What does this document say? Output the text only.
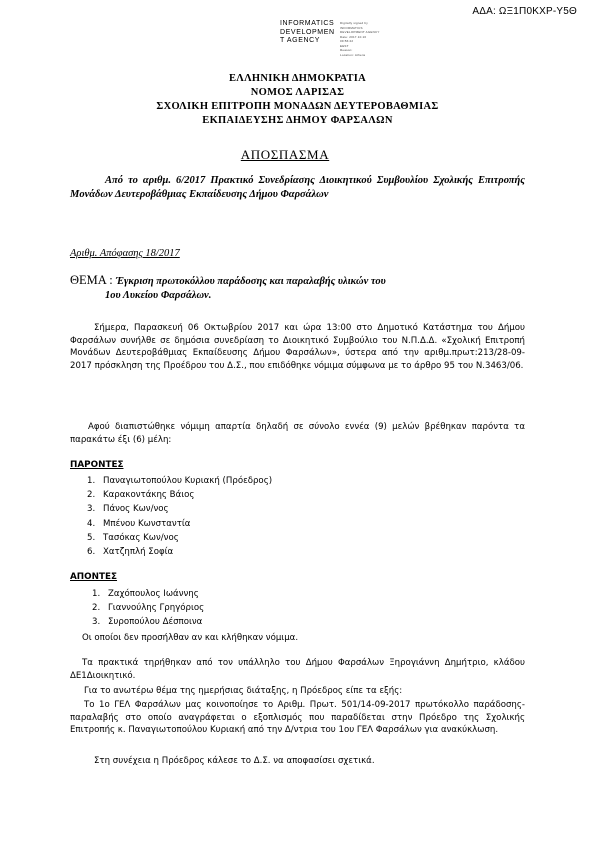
ΑΔΑ: ΩΞ1Π0ΚΧΡ-Υ5Θ
INFORMATICS
DEVELOPMEN
T AGENCY
Digitally signed by
INFORMATICS
DEVELOPMENT AGENCY
Date: 2017.10.10 09:56:22
EEST
Reason:
Location: Athens
ΕΛΛΗΝΙΚΗ ΔΗΜΟΚΡΑΤΙΑ
ΝΟΜΟΣ ΛΑΡΙΣΑΣ
ΣΧΟΛΙΚΗ ΕΠΙΤΡΟΠΗ ΜΟΝΑΔΩΝ ΔΕΥΤΕΡΟΒΑΘΜΙΑΣ
ΕΚΠΑΙΔΕΥΣΗΣ ΔΗΜΟΥ ΦΑΡΣΑΛΩΝ
ΑΠΟΣΠΑΣΜΑ
Από το αριθμ. 6/2017 Πρακτικό Συνεδρίασης Διοικητικού Συμβουλίου Σχολικής Επιτροπής Μονάδων Δευτεροβάθμιας Εκπαίδευσης Δήμου Φαρσάλων
Αριθμ. Απόφασης 18/2017
ΘΕΜΑ : Έγκριση πρωτοκόλλου παράδοσης και παραλαβής υλικών του
1ου Λυκείου Φαρσάλων.
Σήμερα, Παρασκευή 06 Οκτωβρίου 2017 και ώρα 13:00 στο Δημοτικό Κατάστημα του Δήμου Φαρσάλων συνήλθε σε δημόσια συνεδρίαση το Διοικητικό Συμβούλιο του Ν.Π.Δ.Δ. «Σχολική Επιτροπή Μονάδων Δευτεροβάθμιας Εκπαίδευσης Δήμου Φαρσάλων», ύστερα από την αριθμ.πρωτ:213/28-09-2017 πρόσκληση της Προέδρου του Δ.Σ., που επιδόθηκε νόμιμα σύμφωνα με το άρθρο 95 του Ν.3463/06.
Αφού διαπιστώθηκε νόμιμη απαρτία δηλαδή σε σύνολο εννέα (9) μελών βρέθηκαν παρόντα τα παρακάτω έξι (6) μέλη:
ΠΑΡΟΝΤΕΣ
1. Παναγιωτοπούλου Κυριακή (Πρόεδρος)
2. Καρακοντάκης Βάιος
3. Πάνος Κων/νος
4. Μπένου Κωνσταντία
5. Τασόκας Κων/νος
6. Χατζηπλή Σοφία
ΑΠΟΝΤΕΣ
1. Ζαχόπουλος Ιωάννης
2. Γιαννούλης Γρηγόριος
3. Συροπούλου Δέσποινα
Οι οποίοι δεν προσήλθαν αν και κλήθηκαν νόμιμα.
Τα πρακτικά τηρήθηκαν από τον υπάλληλο του Δήμου Φαρσάλων Ξηρογιάννη Δημήτριο, κλάδου ΔΕ1Διοικητικό.
Για το ανωτέρω θέμα της ημερήσιας διάταξης, η Πρόεδρος είπε τα εξής:
Το 1ο ΓΕΛ Φαρσάλων μας κοινοποίησε το Αριθμ. Πρωτ. 501/14-09-2017 πρωτόκολλο παράδοσης-παραλαβής στο οποίο αναγράφεται ο εξοπλισμός που παραδίδεται στην Πρόεδρο της Σχολικής Επιτροπής κ. Παναγιωτοπούλου Κυριακή από την Δ/ντρια του 1ου ΓΕΛ Φαρσάλων για ανακύκλωση.
Στη συνέχεια η Πρόεδρος κάλεσε το Δ.Σ. να αποφασίσει σχετικά.
